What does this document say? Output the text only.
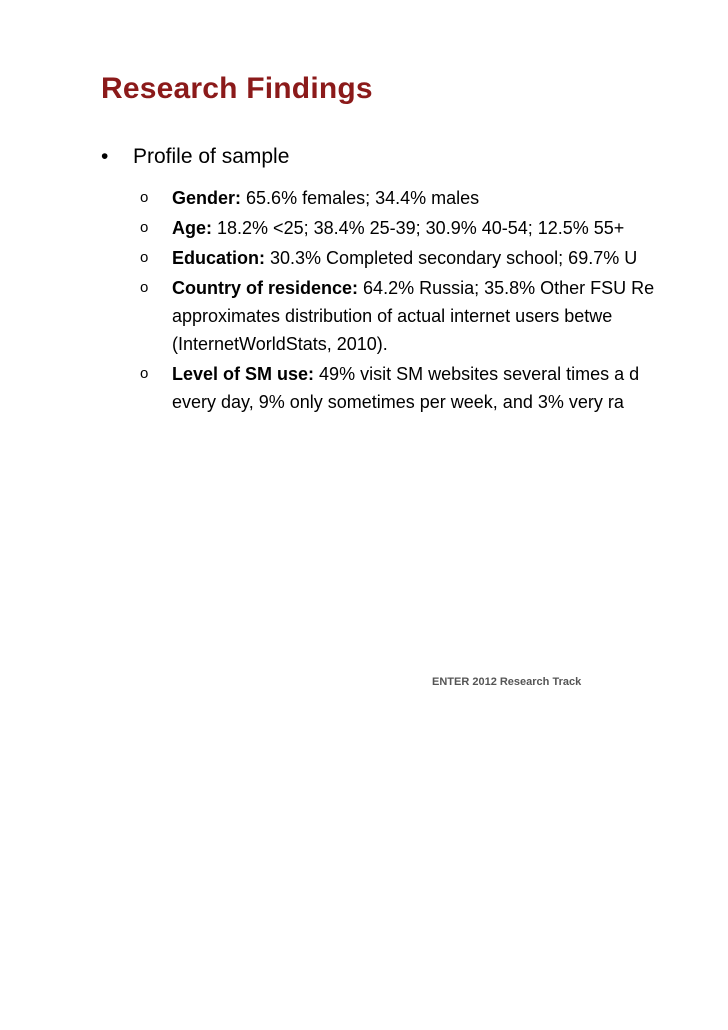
Research Findings
• Profile of sample
o Gender: 65.6% females; 34.4% males
o Age: 18.2% <25; 38.4% 25-39; 30.9% 40-54; 12.5% 55+
o Education: 30.3% Completed secondary school; 69.7% U
o Country of residence: 64.2% Russia; 35.8% Other FSU Re
approximates distribution of actual internet users betwe
(InternetWorldStats, 2010).
o Level of SM use: 49% visit SM websites several times a d
every day, 9% only sometimes per week, and 3% very ra
ENTER 2012 Research Track
